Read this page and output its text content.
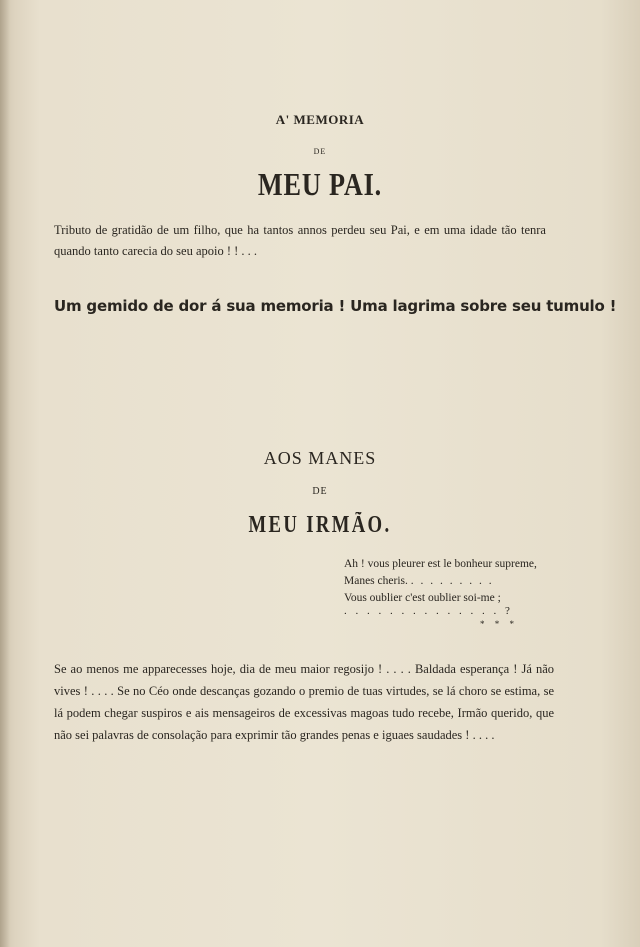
A' MEMORIA
DE
MEU PAI.
Tributo de gratidão de um filho, que ha tantos annos perdeu seu Pai, e em uma idade tão tenra quando tanto carecia do seu apoio ! ! . . .
Um gemido de dor á sua memoria ! Uma lagrima sobre seu tumulo !
AOS MANES
DE
MEU IRMÃO.
Ah ! vous pleurer est le bonheur supreme,
Manes cheris. . . . . . . . . .
Vous oublier c'est oublier soi-me ;
. . . . . . . . . . . . . . ?
* * *
Se ao menos me apparecesses hoje, dia de meu maior regosijo ! . . . . Baldada esperança ! Já não vives ! . . . . Se no Céo onde descanças gozando o premio de tuas virtudes, se lá choro se estima, se lá podem chegar suspiros e ais mensageiros de excessivas magoas tudo recebe, Irmão querido, que não sei palavras de consolação para exprimir tão grandes penas e iguaes saudades ! . . . .
